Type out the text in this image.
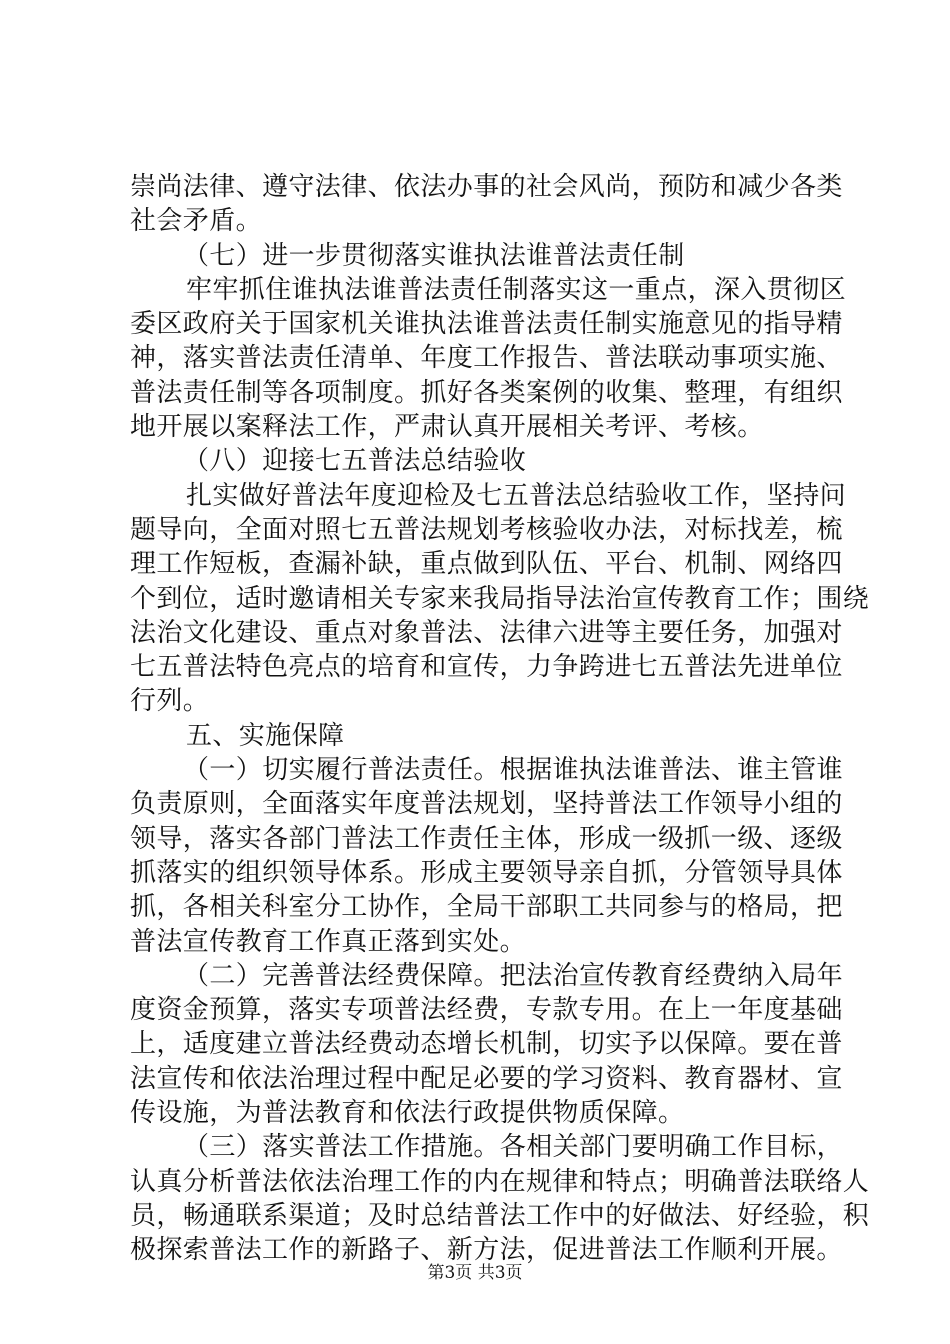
崇尚法律、遵守法律、依法办事的社会风尚，预防和减少各类
社会矛盾。
（七）进一步贯彻落实谁执法谁普法责任制
牢牢抓住谁执法谁普法责任制落实这一重点，深入贯彻区
委区政府关于国家机关谁执法谁普法责任制实施意见的指导精
神，落实普法责任清单、年度工作报告、普法联动事项实施、
普法责任制等各项制度。抓好各类案例的收集、整理，有组织
地开展以案释法工作，严肃认真开展相关考评、考核。
（八）迎接七五普法总结验收
扎实做好普法年度迎检及七五普法总结验收工作，坚持问
题导向，全面对照七五普法规划考核验收办法，对标找差，梳
理工作短板，查漏补缺，重点做到队伍、平台、机制、网络四
个到位，适时邀请相关专家来我局指导法治宣传教育工作；围绕
法治文化建设、重点对象普法、法律六进等主要任务，加强对
七五普法特色亮点的培育和宣传，力争跨进七五普法先进单位
行列。
五、实施保障
（一）切实履行普法责任。根据谁执法谁普法、谁主管谁
负责原则，全面落实年度普法规划，坚持普法工作领导小组的
领导，落实各部门普法工作责任主体，形成一级抓一级、逐级
抓落实的组织领导体系。形成主要领导亲自抓，分管领导具体
抓，各相关科室分工协作，全局干部职工共同参与的格局，把
普法宣传教育工作真正落到实处。
（二）完善普法经费保障。把法治宣传教育经费纳入局年
度资金预算，落实专项普法经费，专款专用。在上一年度基础
上，适度建立普法经费动态增长机制，切实予以保障。要在普
法宣传和依法治理过程中配足必要的学习资料、教育器材、宣
传设施，为普法教育和依法行政提供物质保障。
（三）落实普法工作措施。各相关部门要明确工作目标，
认真分析普法依法治理工作的内在规律和特点；明确普法联络人
员，畅通联系渠道；及时总结普法工作中的好做法、好经验，积
极探索普法工作的新路子、新方法，促进普法工作顺利开展。
第3页 共3页
